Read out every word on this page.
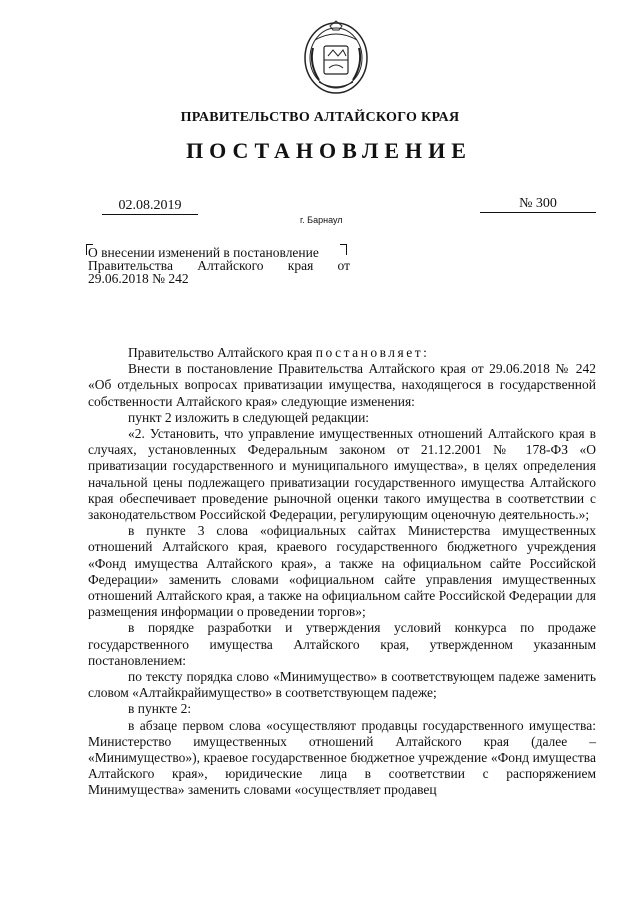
ПРАВИТЕЛЬСТВО АЛТАЙСКОГО КРАЯ
ПОСТАНОВЛЕНИЕ
02.08.2019	№ 300
г. Барнаул
О внесении изменений в постановление
Правительства Алтайского края от
29.06.2018 № 242

Правительство Алтайского края постановляет:

Внести в постановление Правительства Алтайского края от 29.06.2018 № 242 «Об отдельных вопросах приватизации имущества, находящегося в государственной собственности Алтайского края» следующие изменения:

пункт 2 изложить в следующей редакции:

«2. Установить, что управление имущественных отношений Алтайского края в случаях, установленных Федеральным законом от 21.12.2001 № 178-ФЗ «О приватизации государственного и муниципального имущества», в целях определения начальной цены подлежащего приватизации государственного имущества Алтайского края обеспечивает проведение рыночной оценки такого имущества в соответствии с законодательством Российской Федерации, регулирующим оценочную деятельность.»;

в пункте 3 слова «официальных сайтах Министерства имущественных отношений Алтайского края, краевого государственного бюджетного учреждения «Фонд имущества Алтайского края», а также на официальном сайте Российской Федерации» заменить словами «официальном сайте управления имущественных отношений Алтайского края, а также на официальном сайте Российской Федерации для размещения информации о проведении торгов»;

в порядке разработки и утверждения условий конкурса по продаже государственного имущества Алтайского края, утвержденном указанным постановлением:

по тексту порядка слово «Минимущество» в соответствующем падеже заменить словом «Алтайкрайимущество» в соответствующем падеже;

в пункте 2:

в абзаце первом слова «осуществляют продавцы государственного имущества: Министерство имущественных отношений Алтайского края (далее – «Минимущество»), краевое государственное бюджетное учреждение «Фонд имущества Алтайского края», юридические лица в соответствии с распоряжением Минимущества» заменить словами «осуществляет продавец
